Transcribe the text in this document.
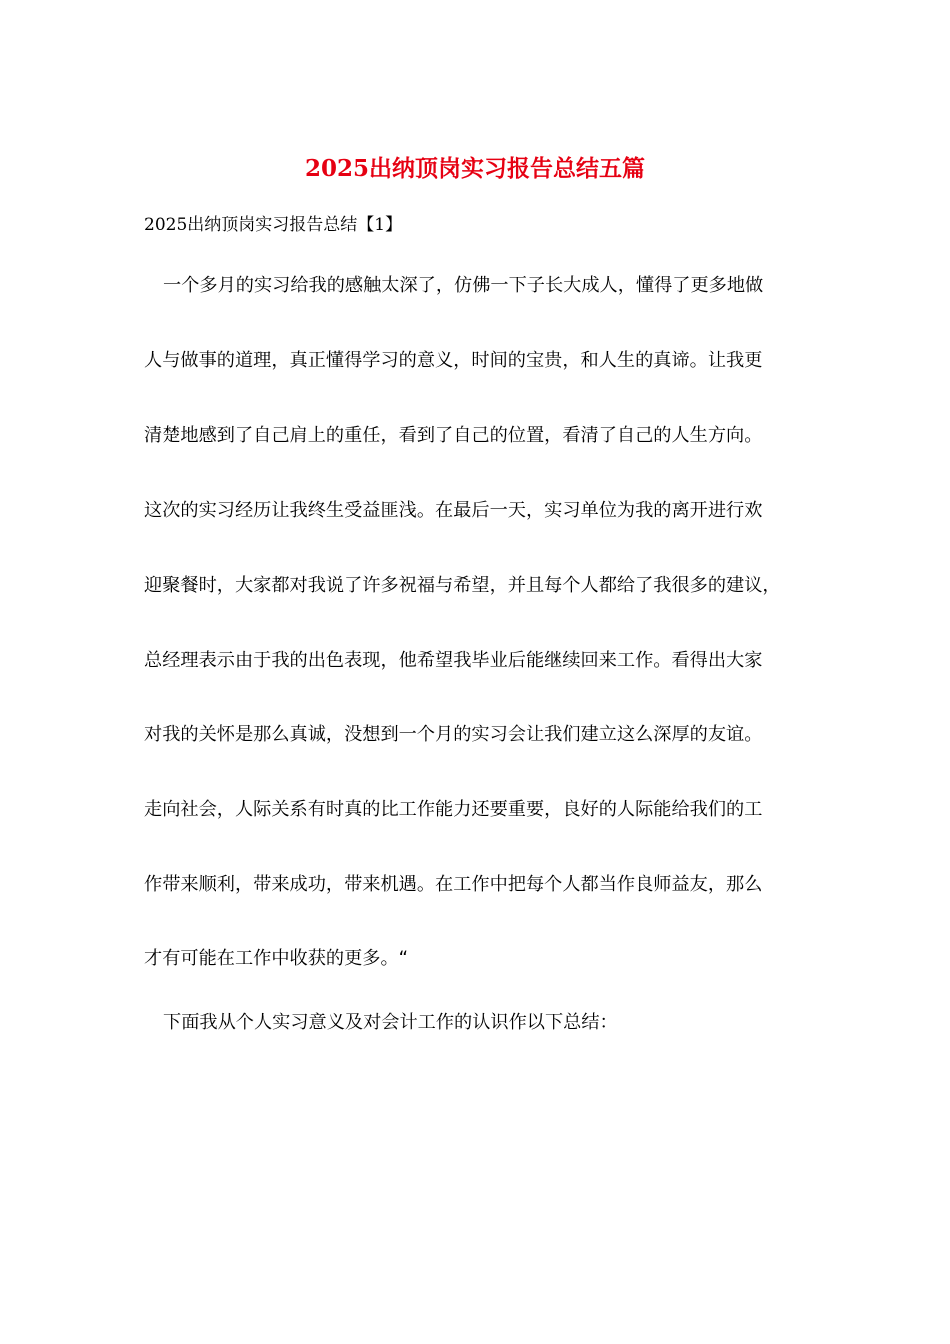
2025出纳顶岗实习报告总结五篇
2025出纳顶岗实习报告总结【1】
一个多月的实习给我的感触太深了，仿佛一下子长大成人，懂得了更多地做
人与做事的道理，真正懂得学习的意义，时间的宝贵，和人生的真谛。让我更
清楚地感到了自己肩上的重任，看到了自己的位置，看清了自己的人生方向。
这次的实习经历让我终生受益匪浅。在最后一天，实习单位为我的离开进行欢
迎聚餐时，大家都对我说了许多祝福与希望，并且每个人都给了我很多的建议，
总经理表示由于我的出色表现，他希望我毕业后能继续回来工作。看得出大家
对我的关怀是那么真诚，没想到一个月的实习会让我们建立这么深厚的友谊。
走向社会，人际关系有时真的比工作能力还要重要，良好的人际能给我们的工
作带来顺利，带来成功，带来机遇。在工作中把每个人都当作良师益友，那么
才有可能在工作中收获的更多。“
下面我从个人实习意义及对会计工作的认识作以下总结：
